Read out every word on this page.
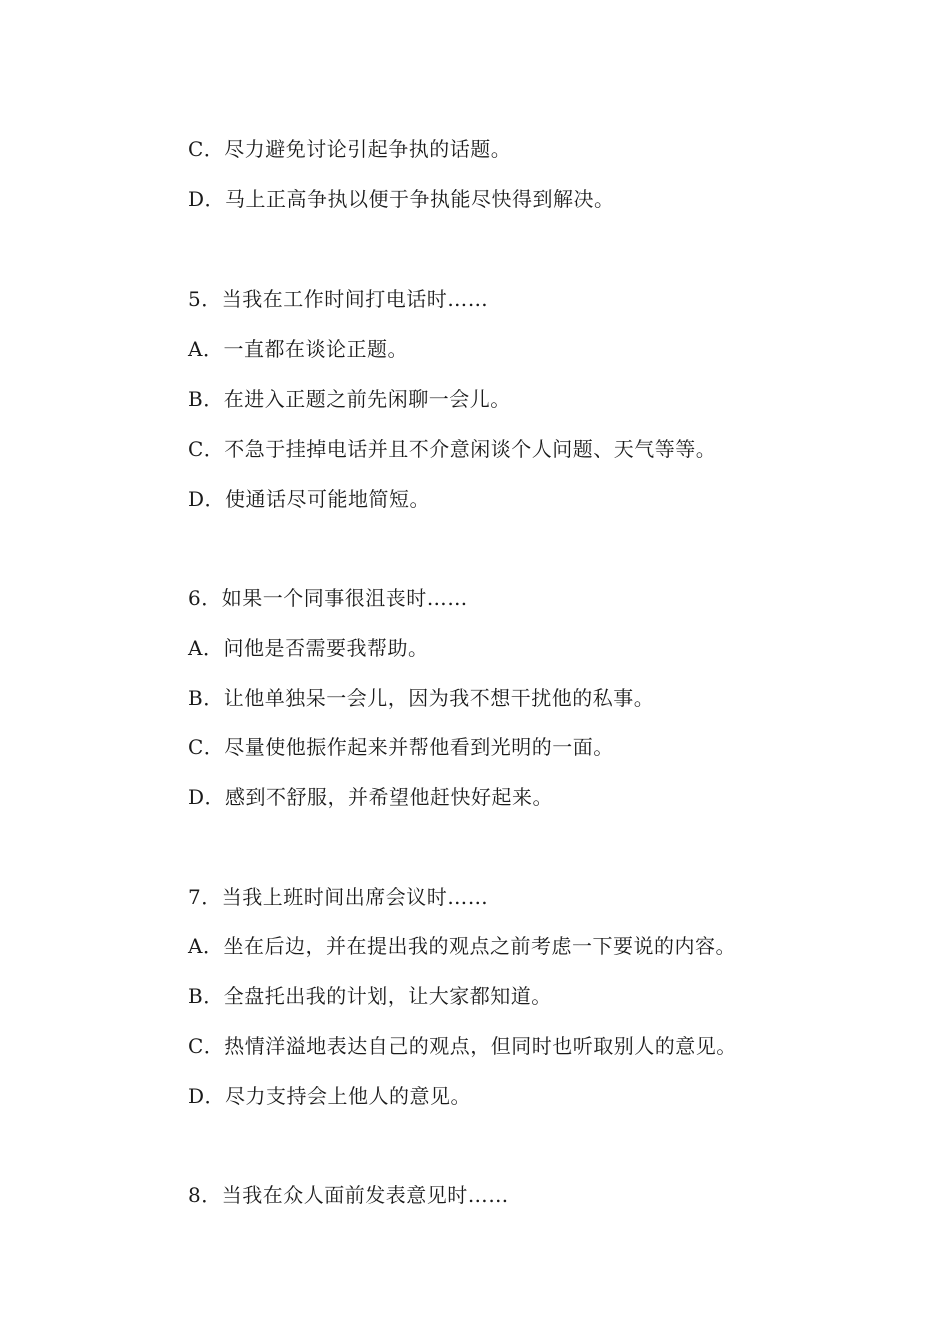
C．尽力避免讨论引起争执的话题。
D．马上正高争执以便于争执能尽快得到解决。
5．当我在工作时间打电话时……
A．一直都在谈论正题。
B．在进入正题之前先闲聊一会儿。
C．不急于挂掉电话并且不介意闲谈个人问题、天气等等。
D．使通话尽可能地简短。
6．如果一个同事很沮丧时……
A．问他是否需要我帮助。
B．让他单独呆一会儿，因为我不想干扰他的私事。
C．尽量使他振作起来并帮他看到光明的一面。
D．感到不舒服，并希望他赶快好起来。
7．当我上班时间出席会议时……
A．坐在后边，并在提出我的观点之前考虑一下要说的内容。
B．全盘托出我的计划，让大家都知道。
C．热情洋溢地表达自己的观点，但同时也听取别人的意见。
D．尽力支持会上他人的意见。
8．当我在众人面前发表意见时……
